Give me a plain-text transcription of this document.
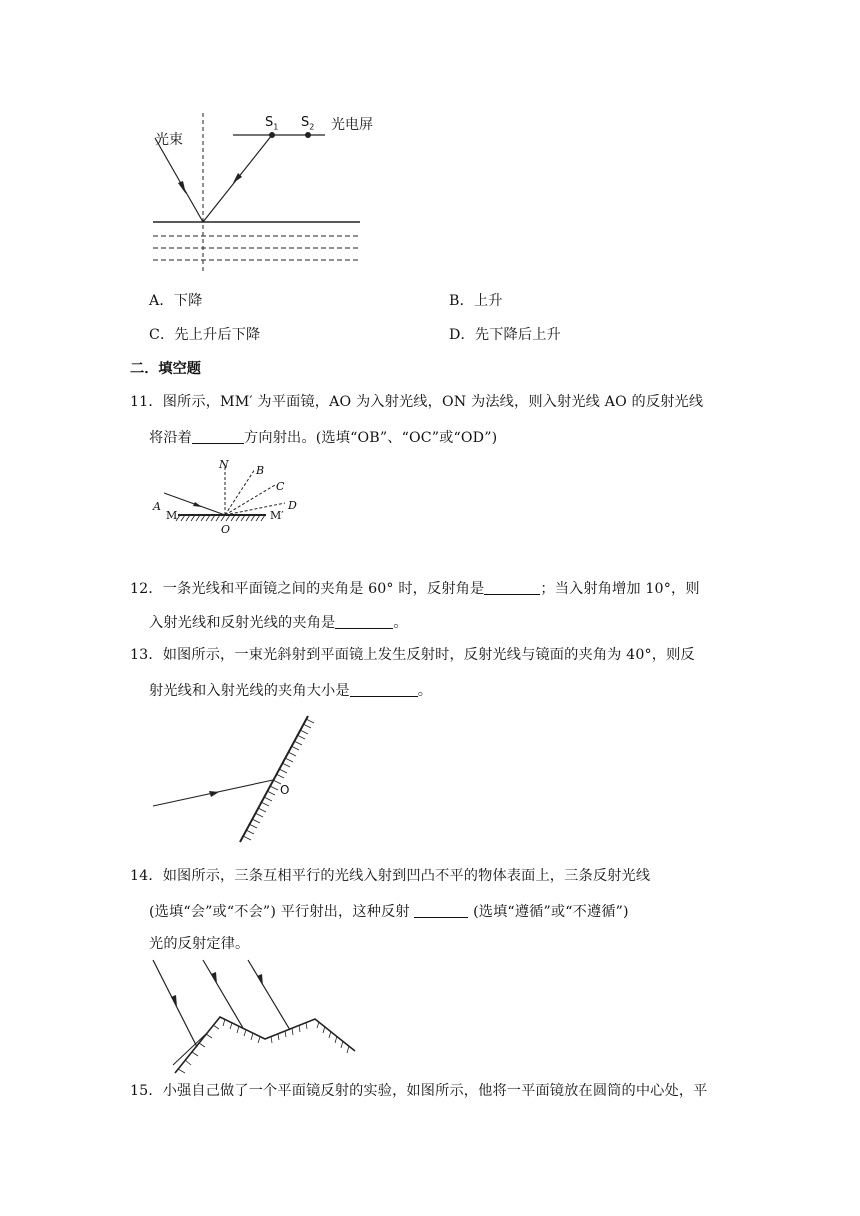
光束
$S_1$ $S_2$ 光电屏
A．下降	B．上升
C．先上升后下降	D．先下降后上升
二．填空题
11．图所示，MM′ 为平面镜，AO 为入射光线，ON 为法线，则入射光线 AO 的反射光线
将沿着	方向射出。(选填“OB”、“OC”或“OD”)
N B
C
D
A
M	M′
O
12．一条光线和平面镜之间的夹角是 60° 时，反射角是	；当入射角增加 10°，则
入射光线和反射光线的夹角是	。
13．如图所示，一束光斜射到平面镜上发生反射时，反射光线与镜面的夹角为 40°，则反
射光线和入射光线的夹角大小是	。
O
14．如图所示，三条互相平行的光线入射到凹凸不平的物体表面上，三条反射光线
(选填“会”或“不会”) 平行射出，这种反射	(选填“遵循”或“不遵循”)
光的反射定律。
15．小强自己做了一个平面镜反射的实验，如图所示，他将一平面镜放在圆筒的中心处，平
